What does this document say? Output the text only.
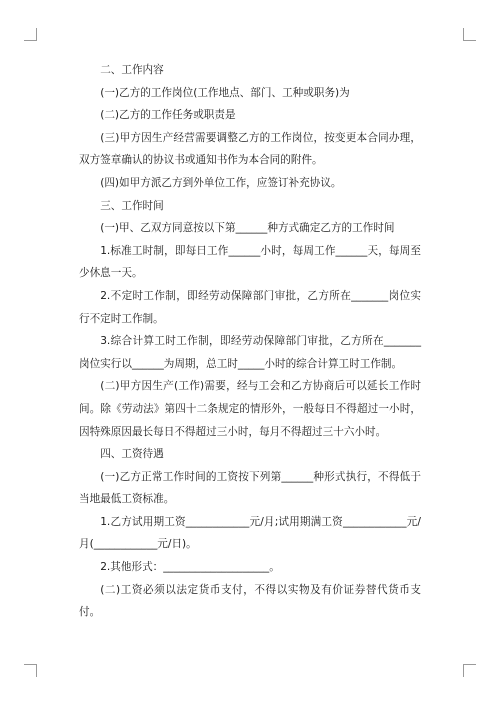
二、工作内容

(一)乙方的工作岗位(工作地点、部门、工种或职务)为

(二)乙方的工作任务或职责是

(三)甲方因生产经营需要调整乙方的工作岗位，按变更本合同办理，双方签章确认的协议书或通知书作为本合同的附件。

(四)如甲方派乙方到外单位工作，应签订补充协议。

三、工作时间

(一)甲、乙双方同意按以下第______种方式确定乙方的工作时间

1.标准工时制，即每日工作______小时，每周工作______天，每周至少休息一天。

2.不定时工作制，即经劳动保障部门审批，乙方所在_______岗位实行不定时工作制。

3.综合计算工时工作制，即经劳动保障部门审批，乙方所在_______岗位实行以______为周期，总工时_____小时的综合计算工时工作制。

(二)甲方因生产(工作)需要，经与工会和乙方协商后可以延长工作时间。除《劳动法》第四十二条规定的情形外，一般每日不得超过一小时，因特殊原因最长每日不得超过三小时，每月不得超过三十六小时。

四、工资待遇

(一)乙方正常工作时间的工资按下列第______种形式执行，不得低于当地最低工资标准。

1.乙方试用期工资____________元/月;试用期满工资____________元/月(____________元/日)。

2.其他形式：____________________。

(二)工资必须以法定货币支付，不得以实物及有价证券替代货币支付。
